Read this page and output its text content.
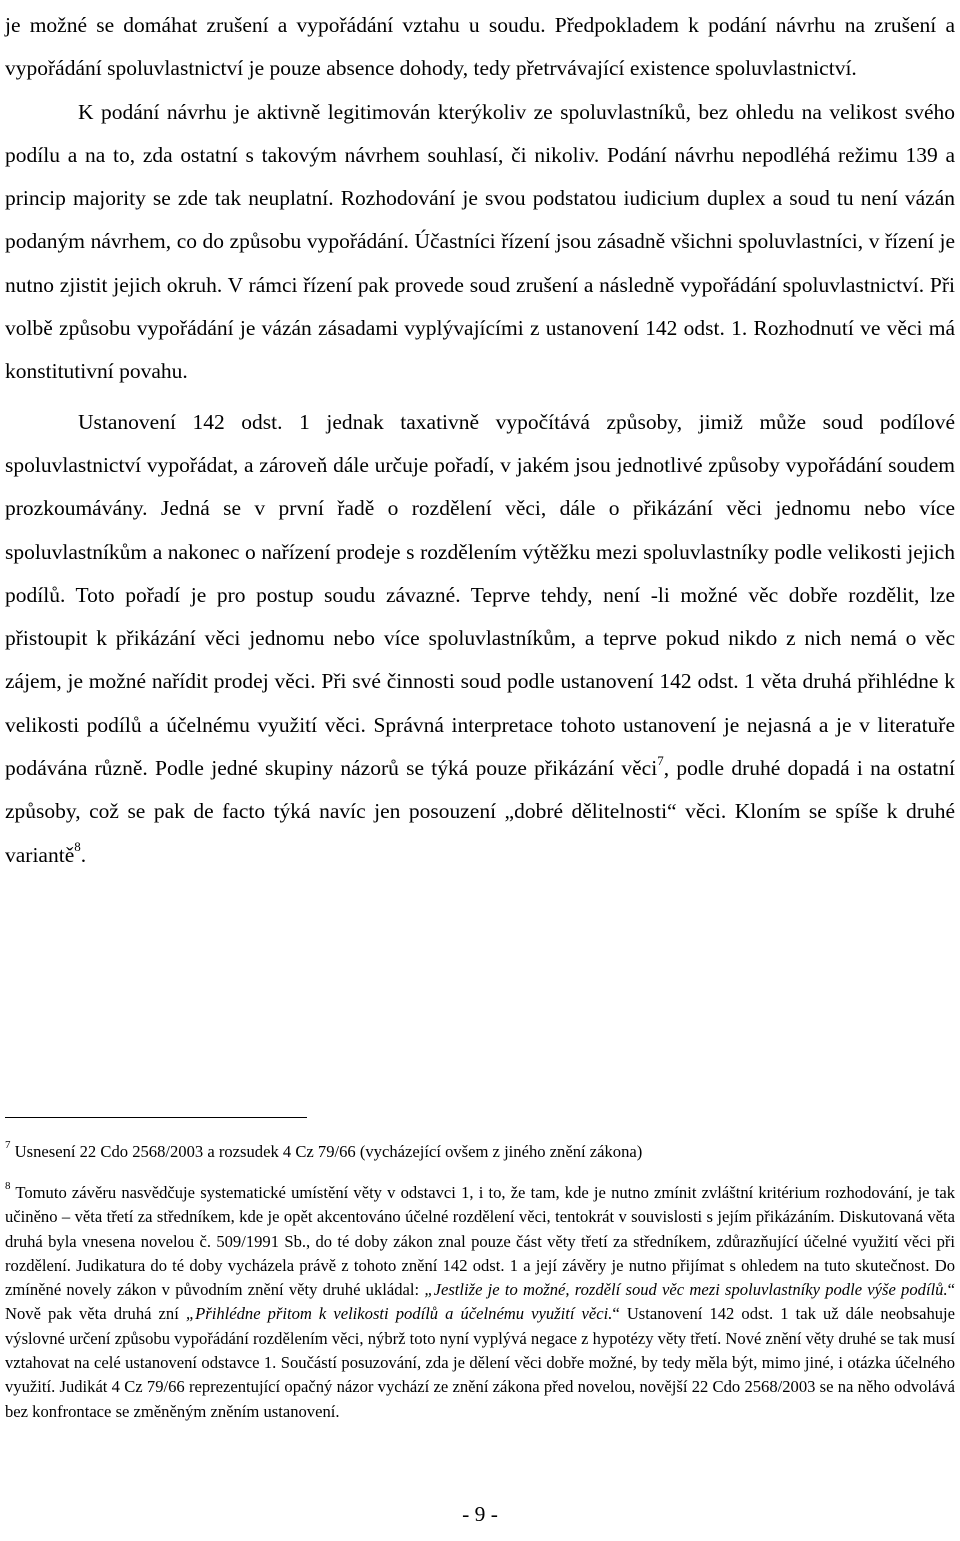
je možné se domáhat zrušení a vypořádání vztahu u soudu. Předpokladem k podání návrhu na zrušení a vypořádání spoluvlastnictví je pouze absence dohody, tedy přetrvávající existence spoluvlastnictví.

K podání návrhu je aktivně legitimován kterýkoliv ze spoluvlastníků, bez ohledu na velikost svého podílu a na to, zda ostatní s takovým návrhem souhlasí, či nikoliv. Podání návrhu nepodléhá režimu 139 a princip majority se zde tak neuplatní. Rozhodování je svou podstatou iudicium duplex a soud tu není vázán podaným návrhem, co do způsobu vypořádání. Účastníci řízení jsou zásadně všichni spoluvlastníci, v řízení je nutno zjistit jejich okruh. V rámci řízení pak provede soud zrušení a následně vypořádání spoluvlastnictví. Při volbě způsobu vypořádání je vázán zásadami vyplývajícími z ustanovení 142 odst. 1. Rozhodnutí ve věci má konstitutivní povahu.

Ustanovení 142 odst. 1 jednak taxativně vypočítává způsoby, jimiž může soud podílové spoluvlastnictví vypořádat, a zároveň dále určuje pořadí, v jakém jsou jednotlivé způsoby vypořádání soudem prozkoumávány. Jedná se v první řadě o rozdělení věci, dále o přikázání věci jednomu nebo více spoluvlastníkům a nakonec o nařízení prodeje s rozdělením výtěžku mezi spoluvlastníky podle velikosti jejich podílů. Toto pořadí je pro postup soudu závazné. Teprve tehdy, není -li možné věc dobře rozdělit, lze přistoupit k přikázání věci jednomu nebo více spoluvlastníkům, a teprve pokud nikdo z nich nemá o věc zájem, je možné nařídit prodej věci. Při své činnosti soud podle ustanovení 142 odst. 1 věta druhá přihlédne k velikosti podílů a účelnému využití věci. Správná interpretace tohoto ustanovení je nejasná a je v literatuře podávána různě. Podle jedné skupiny názorů se týká pouze přikázání věci$^7$, podle druhé dopadá i na ostatní způsoby, což se pak de facto týká navíc jen posouzení „dobré dělitelnosti“ věci. Kloním se spíše k druhé variantě$^8$.

$^7$ Usnesení 22 Cdo 2568/2003 a rozsudek 4 Cz 79/66 (vycházející ovšem z jiného znění zákona)

$^8$ Tomuto závěru nasvědčuje systematické umístění věty v odstavci 1, i to, že tam, kde je nutno zmínit zvláštní kritérium rozhodování, je tak učiněno – věta třetí za středníkem, kde je opět akcentováno účelné rozdělení věci, tentokrát v souvislosti s jejím přikázáním. Diskutovaná věta druhá byla vnesena novelou č. 509/1991 Sb., do té doby zákon znal pouze část věty třetí za středníkem, zdůrazňující účelné využití věci při rozdělení. Judikatura do té doby vycházela právě z tohoto znění 142 odst. 1 a její závěry je nutno přijímat s ohledem na tuto skutečnost. Do zmíněné novely zákon v původním znění věty druhé ukládal: „Jestliže je to možné, rozdělí soud věc mezi spoluvlastníky podle výše podílů.“ Nově pak věta druhá zní „Přihlédne přitom k velikosti podílů a účelnému využití věci.“ Ustanovení 142 odst. 1 tak už dále neobsahuje výslovné určení způsobu vypořádání rozdělením věci, nýbrž toto nyní vyplývá negace z hypotézy věty třetí. Nové znění věty druhé se tak musí vztahovat na celé ustanovení odstavce 1. Součástí posuzování, zda je dělení věci dobře možné, by tedy měla být, mimo jiné, i otázka účelného využití. Judikát 4 Cz 79/66 reprezentující opačný názor vychází ze znění zákona před novelou, novější 22 Cdo 2568/2003 se na něho odvolává bez konfrontace se změněným zněním ustanovení.

- 9 -
